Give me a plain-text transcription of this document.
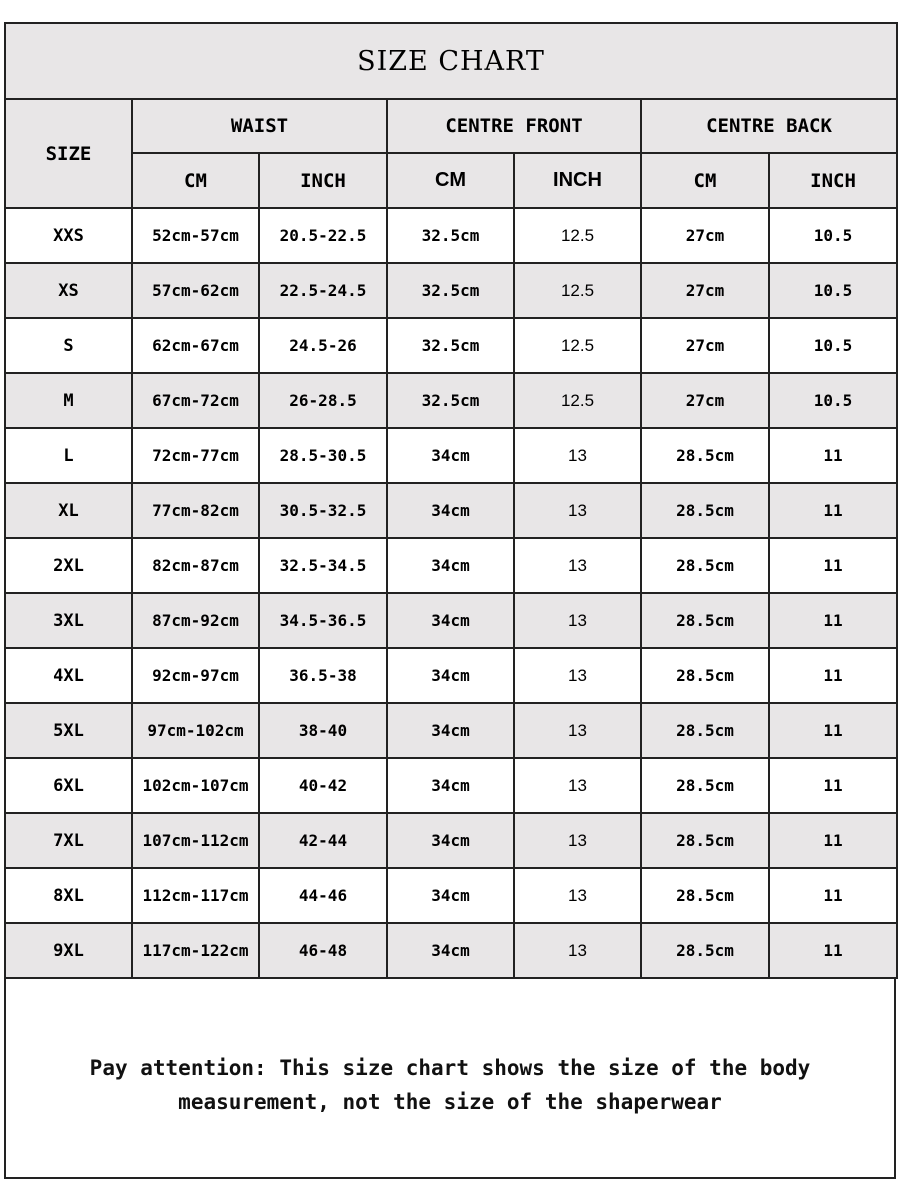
SIZE CHART						
SIZE	WAIST		CENTRE FRONT		CENTRE BACK	
	CM	INCH	CM	INCH	CM	INCH
XXS	52cm-57cm	20.5-22.5	32.5cm	12.5	27cm	10.5
XS	57cm-62cm	22.5-24.5	32.5cm	12.5	27cm	10.5
S	62cm-67cm	24.5-26	32.5cm	12.5	27cm	10.5
M	67cm-72cm	26-28.5	32.5cm	12.5	27cm	10.5
L	72cm-77cm	28.5-30.5	34cm	13	28.5cm	11
XL	77cm-82cm	30.5-32.5	34cm	13	28.5cm	11
2XL	82cm-87cm	32.5-34.5	34cm	13	28.5cm	11
3XL	87cm-92cm	34.5-36.5	34cm	13	28.5cm	11
4XL	92cm-97cm	36.5-38	34cm	13	28.5cm	11
5XL	97cm-102cm	38-40	34cm	13	28.5cm	11
6XL	102cm-107cm	40-42	34cm	13	28.5cm	11
7XL	107cm-112cm	42-44	34cm	13	28.5cm	11
8XL	112cm-117cm	44-46	34cm	13	28.5cm	11
9XL	117cm-122cm	46-48	34cm	13	28.5cm	11
Pay attention: This size chart shows the size of the body
measurement, not the size of the shaperwear
